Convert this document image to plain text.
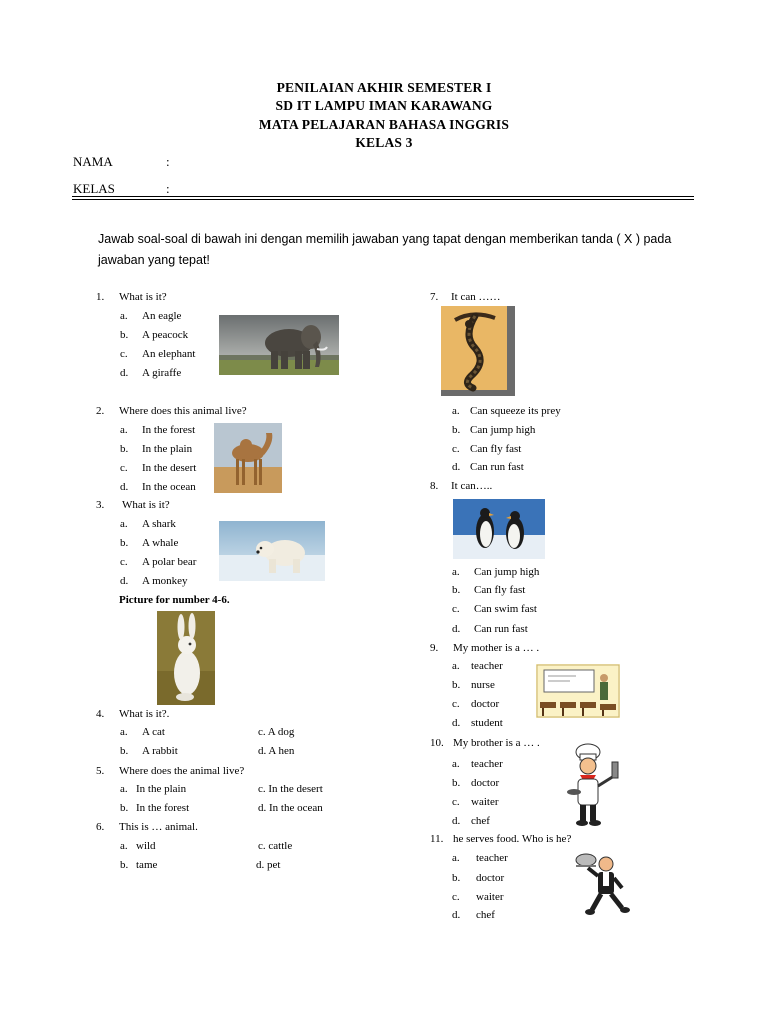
PENILAIAN AKHIR SEMESTER I
SD IT LAMPU IMAN KARAWANG
MATA PELAJARAN BAHASA INGGRIS
KELAS 3
NAMA	:
KELAS	:
Jawab soal-soal di bawah ini dengan memilih jawaban yang tapat dengan memberikan tanda ( X ) pada jawaban yang tepat!
1. What is it?
a. An eagle
b. A peacock
c. An elephant
d. A giraffe
2. Where does this animal live?
a. In the forest
b. In the plain
c. In the desert
d. In the ocean
3. What is it?
a. A shark
b. A whale
c. A polar bear
d. A monkey
Picture for number 4-6.
4. What is it?.
a. A cat	c. A dog
b. A rabbit	d. A hen
5. Where does the animal live?
a. In the plain	c. In the desert
b. In the forest	d. In the ocean
6. This is … animal.
a. wild	c. cattle
b. tame	d. pet
7. It can ……
a. Can squeeze its prey
b. Can jump high
c. Can fly fast
d. Can run fast
8. It can…..
a. Can jump high
b. Can fly fast
c. Can swim fast
d. Can run fast
9. My mother is a … .
a. teacher
b. nurse
c. doctor
d. student
10. My brother is a … .
a. teacher
b. doctor
c. waiter
d. chef
11. he serves food. Who is he?
a. teacher
b. doctor
c. waiter
d. chef
